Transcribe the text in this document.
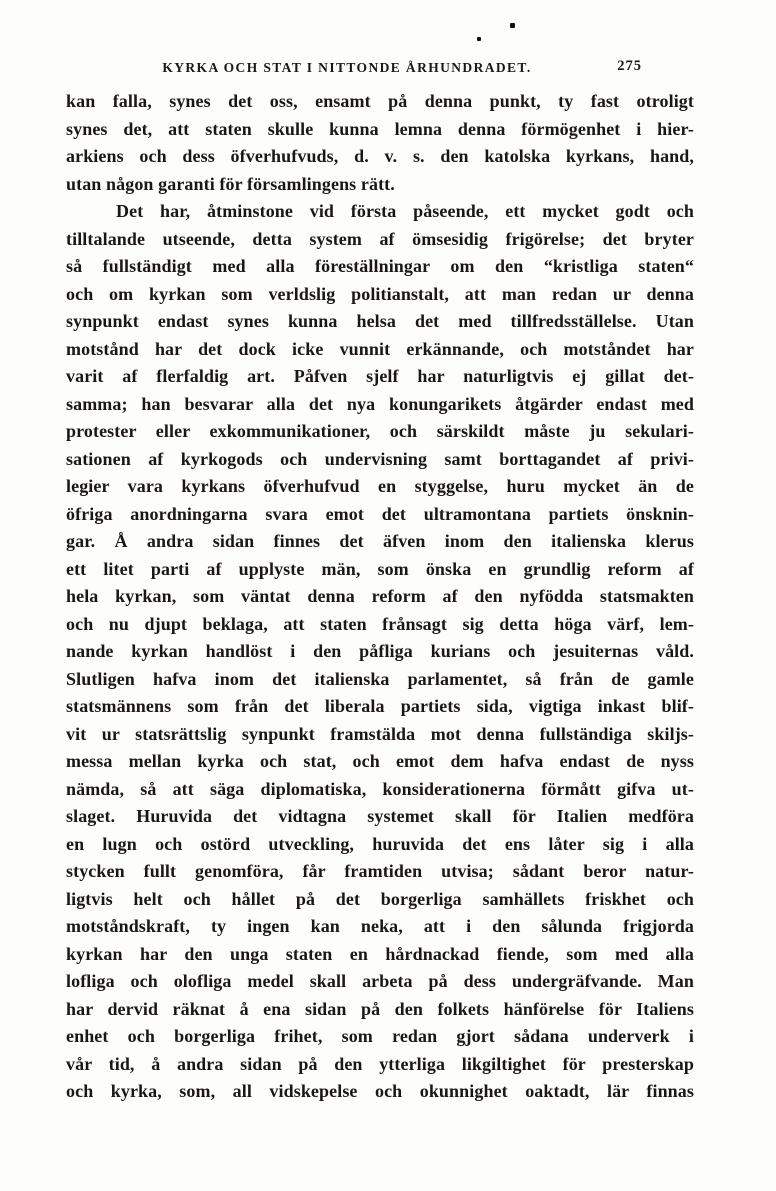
KYRKA OCH STAT I NITTONDE ÅRHUNDRADET.	275
kan falla, synes det oss, ensamt på denna punkt, ty fast otroligt
synes det, att staten skulle kunna lemna denna förmögenhet i hier-
arkiens och dess öfverhufvuds, d. v. s. den katolska kyrkans, hand,
utan någon garanti för församlingens rätt.
Det har, åtminstone vid första påseende, ett mycket godt och
tilltalande utseende, detta system af ömsesidig frigörelse; det bryter
så fullständigt med alla föreställningar om den “kristliga staten“
och om kyrkan som verldslig politianstalt, att man redan ur denna
synpunkt endast synes kunna helsa det med tillfredsställelse. Utan
motstånd har det dock icke vunnit erkännande, och motståndet har
varit af flerfaldig art. Påfven sjelf har naturligtvis ej gillat det-
samma; han besvarar alla det nya konungarikets åtgärder endast med
protester eller exkommunikationer, och särskildt måste ju sekulari-
sationen af kyrkogods och undervisning samt borttagandet af privi-
legier vara kyrkans öfverhufvud en styggelse, huru mycket än de
öfriga anordningarna svara emot det ultramontana partiets önsknin-
gar. Å andra sidan finnes det äfven inom den italienska klerus
ett litet parti af upplyste män, som önska en grundlig reform af
hela kyrkan, som väntat denna reform af den nyfödda statsmakten
och nu djupt beklaga, att staten frånsagt sig detta höga värf, lem-
nande kyrkan handlöst i den påfliga kurians och jesuiternas våld.
Slutligen hafva inom det italienska parlamentet, så från de gamle
statsmännens som från det liberala partiets sida, vigtiga inkast blif-
vit ur statsrättslig synpunkt framstälda mot denna fullständiga skiljs-
messa mellan kyrka och stat, och emot dem hafva endast de nyss
nämda, så att säga diplomatiska, konsiderationerna förmått gifva ut-
slaget. Huruvida det vidtagna systemet skall för Italien medföra
en lugn och ostörd utveckling, huruvida det ens låter sig i alla
stycken fullt genomföra, får framtiden utvisa; sådant beror natur-
ligtvis helt och hållet på det borgerliga samhällets friskhet och
motståndskraft, ty ingen kan neka, att i den sålunda frigjorda
kyrkan har den unga staten en hårdnackad fiende, som med alla
lofliga och olofliga medel skall arbeta på dess undergräfvande. Man
har dervid räknat å ena sidan på den folkets hänförelse för Italiens
enhet och borgerliga frihet, som redan gjort sådana underverk i
vår tid, å andra sidan på den ytterliga likgiltighet för presterskap
och kyrka, som, all vidskepelse och okunnighet oaktadt, lär finnas
